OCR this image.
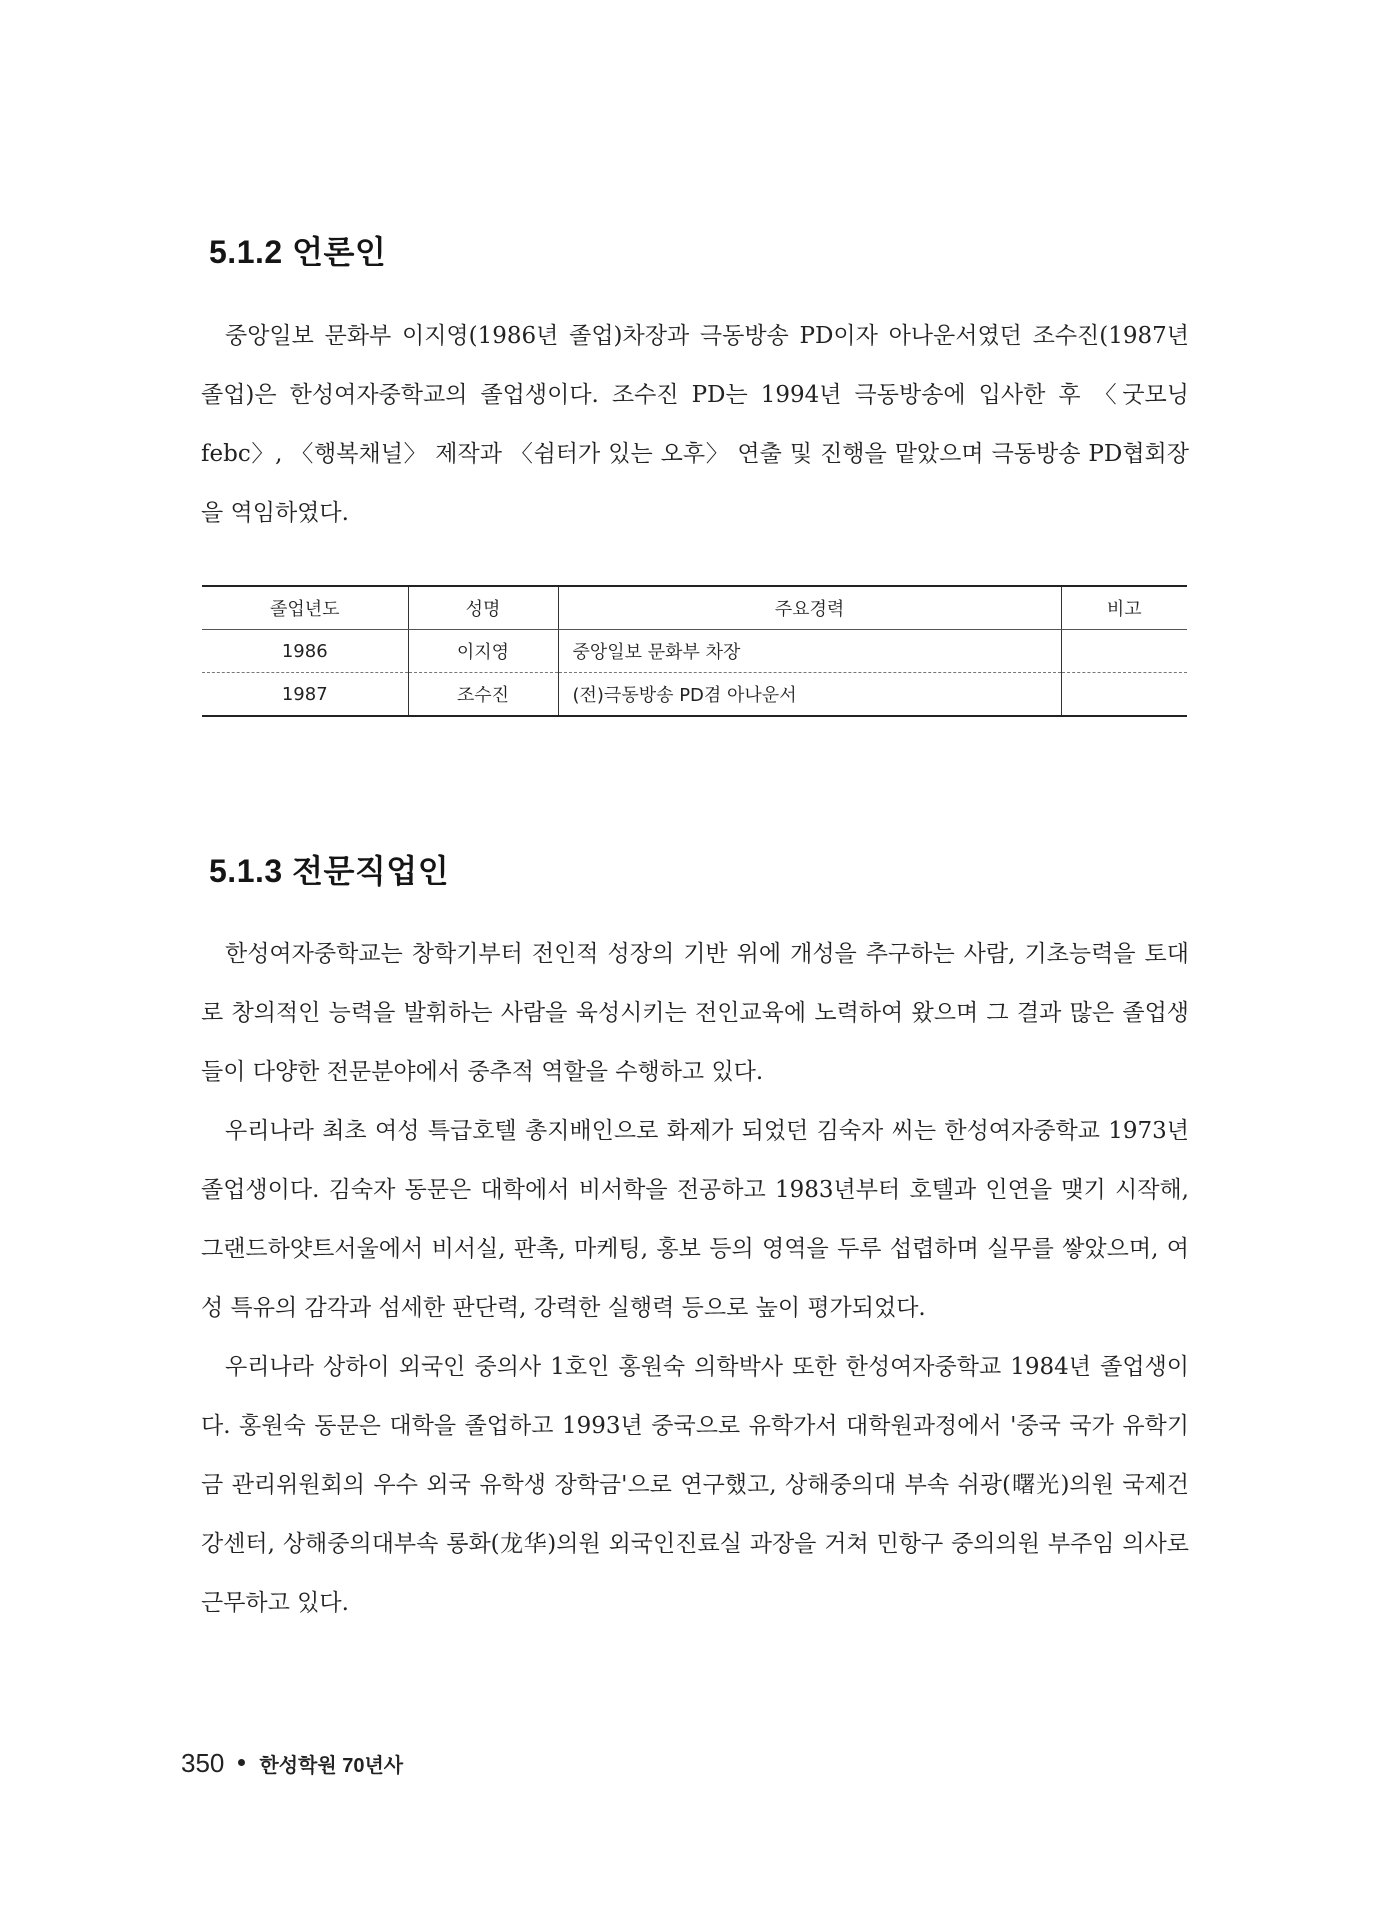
5.1.2 언론인

중앙일보 문화부 이지영(1986년 졸업)차장과 극동방송 PD이자 아나운서였던 조수진(1987년 졸업)은 한성여자중학교의 졸업생이다. 조수진 PD는 1994년 극동방송에 입사한 후 〈굿모닝 febc〉, 〈행복채널〉 제작과 〈쉼터가 있는 오후〉 연출 및 진행을 맡았으며 극동방송 PD협회장을 역임하였다.

졸업년도	성명	주요경력	비고
1986	이지영	중앙일보 문화부 차장	
1987	조수진	(전)극동방송 PD겸 아나운서	
5.1.3 전문직업인

한성여자중학교는 창학기부터 전인적 성장의 기반 위에 개성을 추구하는 사람, 기초능력을 토대로 창의적인 능력을 발휘하는 사람을 육성시키는 전인교육에 노력하여 왔으며 그 결과 많은 졸업생들이 다양한 전문분야에서 중추적 역할을 수행하고 있다.

우리나라 최초 여성 특급호텔 총지배인으로 화제가 되었던 김숙자 씨는 한성여자중학교 1973년 졸업생이다. 김숙자 동문은 대학에서 비서학을 전공하고 1983년부터 호텔과 인연을 맺기 시작해, 그랜드하얏트서울에서 비서실, 판촉, 마케팅, 홍보 등의 영역을 두루 섭렵하며 실무를 쌓았으며, 여성 특유의 감각과 섬세한 판단력, 강력한 실행력 등으로 높이 평가되었다.

우리나라 상하이 외국인 중의사 1호인 홍원숙 의학박사 또한 한성여자중학교 1984년 졸업생이다. 홍원숙 동문은 대학을 졸업하고 1993년 중국으로 유학가서 대학원과정에서 '중국 국가 유학기금 관리위원회의 우수 외국 유학생 장학금'으로 연구했고, 상해중의대 부속 쉬광(曙光)의원 국제건강센터, 상해중의대부속 롱화(龙华)의원 외국인진료실 과장을 거쳐 민항구 중의의원 부주임 의사로 근무하고 있다.

350 한성학원 70년사
